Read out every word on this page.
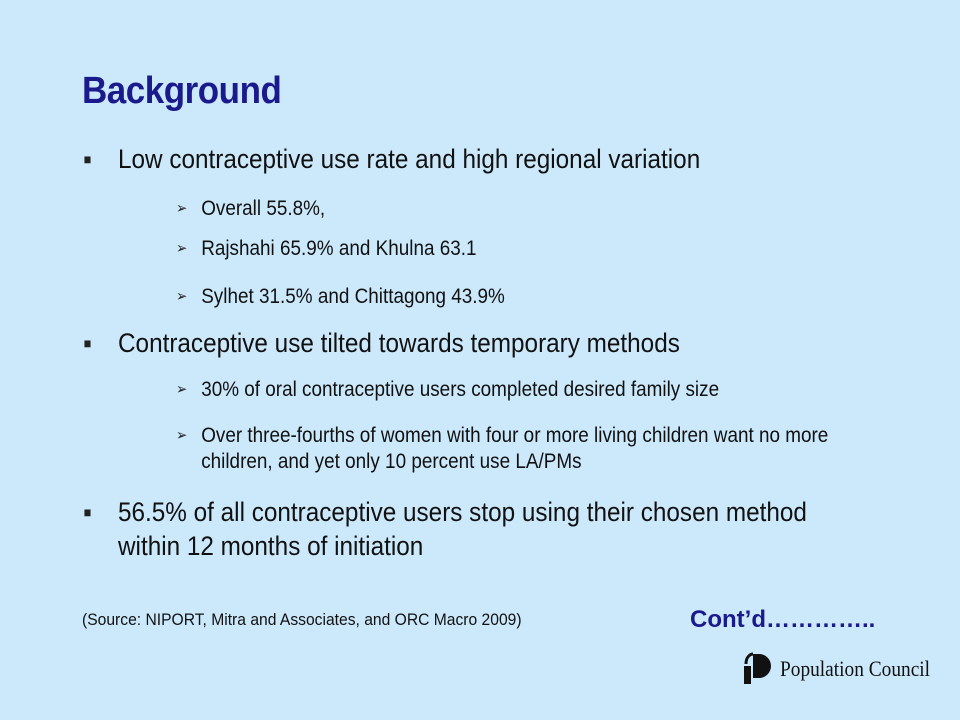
Background
■ Low contraceptive use rate and high regional variation
➢ Overall 55.8%,
➢ Rajshahi 65.9% and Khulna 63.1
➢ Sylhet 31.5% and Chittagong 43.9%
■ Contraceptive use tilted towards temporary methods
➢ 30% of oral contraceptive users completed desired family size
➢ Over three-fourths of women with four or more living children want no more children, and yet only 10 percent use LA/PMs
■ 56.5% of all contraceptive users stop using their chosen method within 12 months of initiation
(Source: NIPORT, Mitra and Associates, and ORC Macro 2009)	Cont’d…………..
Population Council
